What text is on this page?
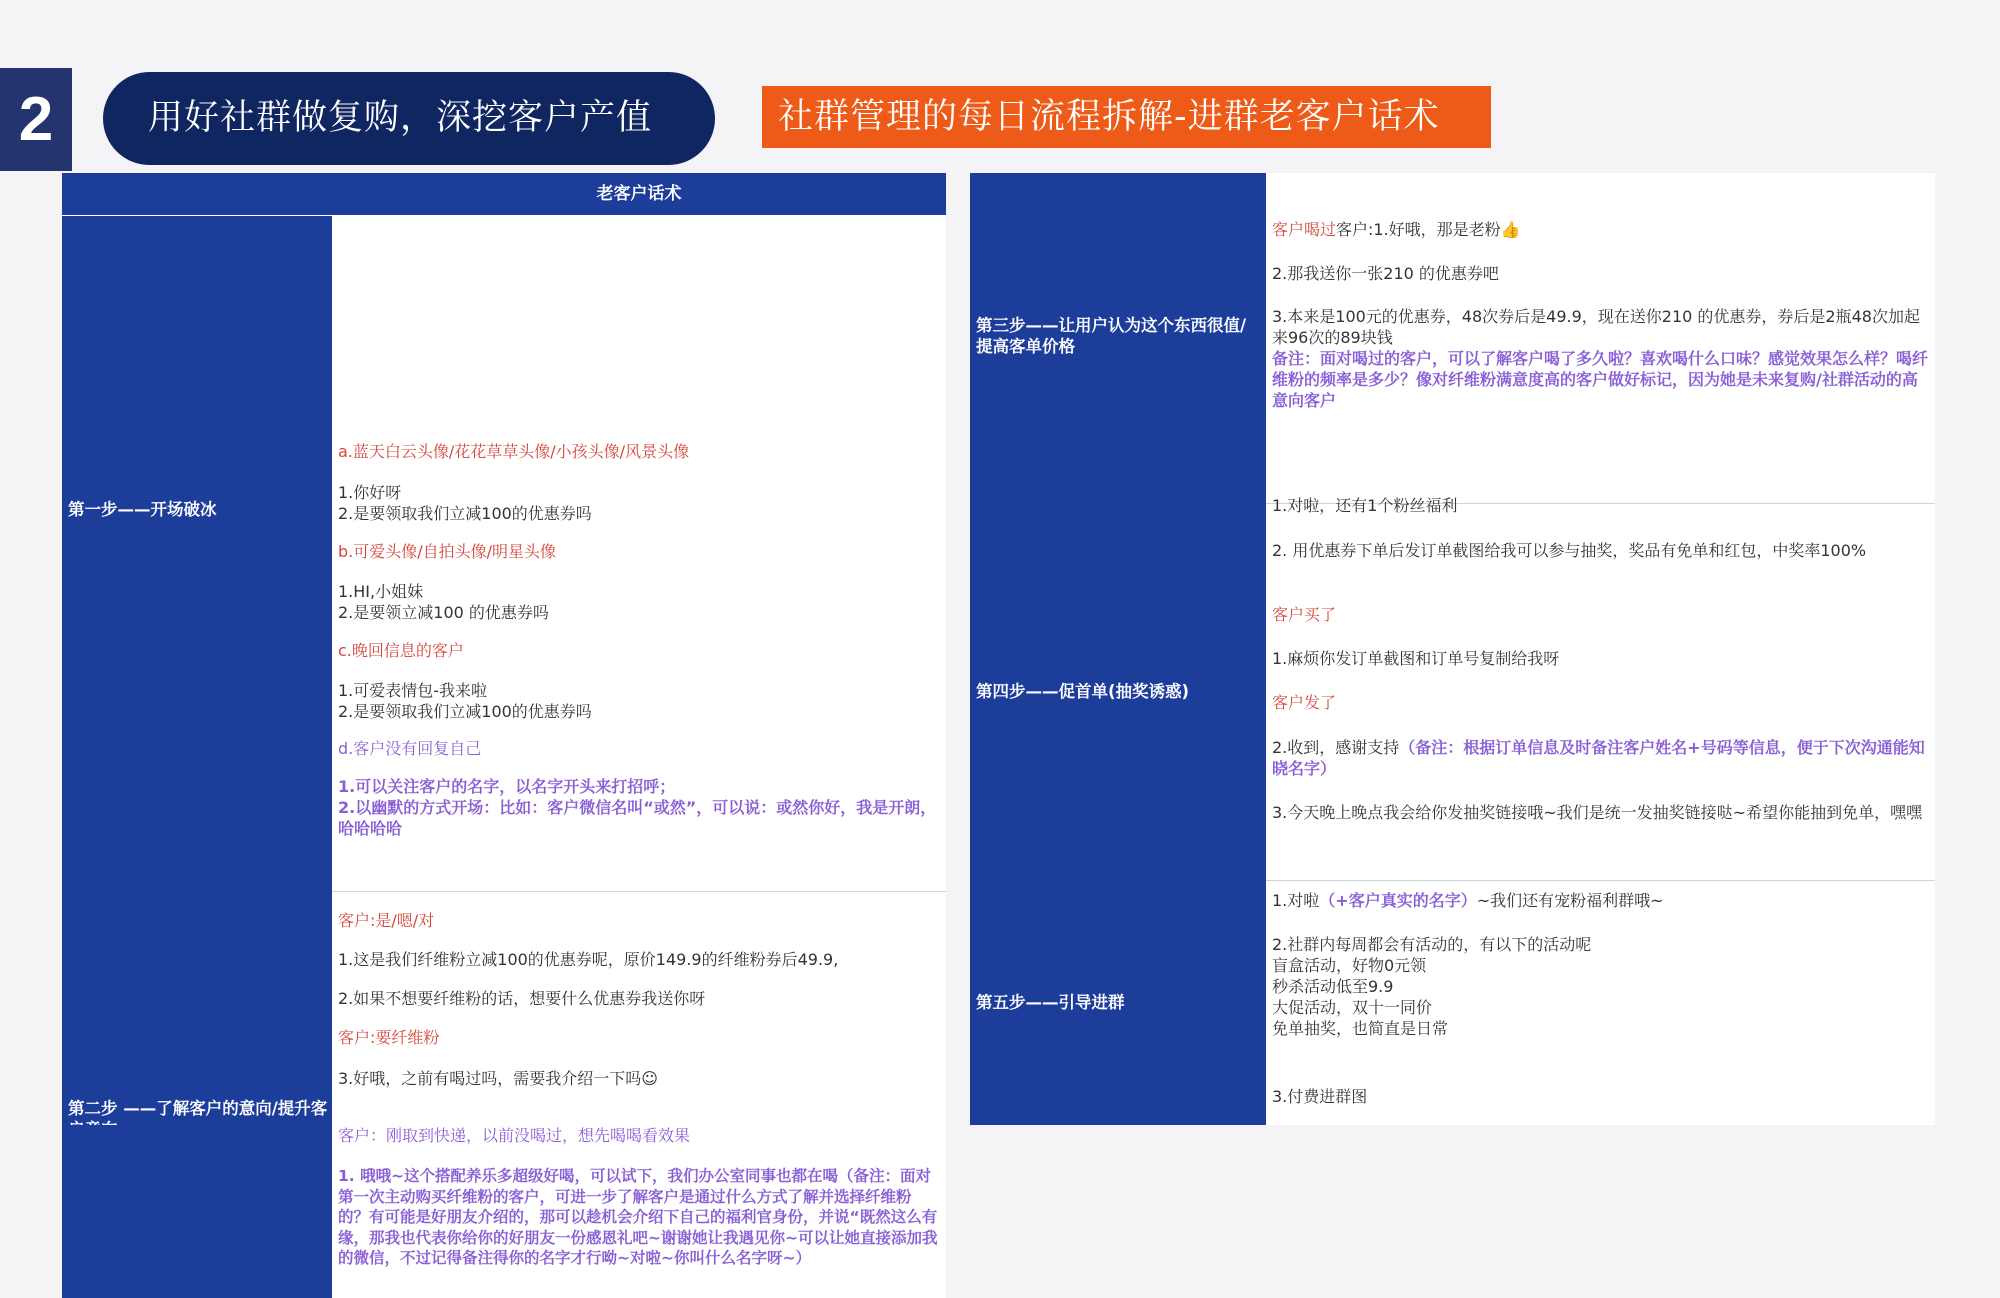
2	用好社群做复购，深挖客户产值	社群管理的每日流程拆解-进群老客户话术
老客户话术
第一步——开场破冰
a.蓝天白云头像/花花草草头像/小孩头像/风景头像
1.你好呀
2.是要领取我们立减100的优惠券吗
b.可爱头像/自拍头像/明星头像
1.HI,小姐妹
2.是要领立减100 的优惠券吗
c.晚回信息的客户
1.可爱表情包-我来啦
2.是要领取我们立减100的优惠券吗
d.客户没有回复自己
1.可以关注客户的名字，以名字开头来打招呼；
2.以幽默的方式开场：比如：客户微信名叫“或然”，可以说：或然你好，我是开朗，哈哈哈哈
第二步 ——了解客户的意向/提升客
客户:是/嗯/对
1.这是我们纤维粉立减100的优惠券呢，原价149.9的纤维粉券后49.9,
2.如果不想要纤维粉的话，想要什么优惠券我送你呀
客户:要纤维粉
3.好哦，之前有喝过吗，需要我介绍一下吗☺
客户：刚取到快递，以前没喝过，想先喝喝看效果
1. 哦哦~这个搭配养乐多超级好喝，可以试下，我们办公室同事也都在喝（备注：面对第一次主动购买纤维粉的客户，可进一步了解客户是通过什么方式了解并选择纤维粉的？有可能是好朋友介绍的，那可以趁机会介绍下自己的福利官身份，并说“既然这么有缘，那我也代表你给你的好朋友一份感恩礼吧~谢谢她让我遇见你~可以让她直接添加我的微信，不过记得备注得你的名字才行呦~对啦~你叫什么名字呀~）
第三步——让用户认为这个东西很值/提高客单价格
客户喝过客户:1.好哦，那是老粉👍
2.那我送你一张210 的优惠券吧
3.本来是100元的优惠券，48次券后是49.9，现在送你210 的优惠券，券后是2瓶48次加起来96次的89块钱
备注：面对喝过的客户，可以了解客户喝了多久啦？喜欢喝什么口味？感觉效果怎么样？喝纤维粉的频率是多少？像对纤维粉满意度高的客户做好标记，因为她是未来复购/社群活动的高意向客户
第四步——促首单(抽奖诱惑)
1.对啦，还有1个粉丝福利
2. 用优惠券下单后发订单截图给我可以参与抽奖，奖品有免单和红包，中奖率100%
客户买了
1.麻烦你发订单截图和订单号复制给我呀
客户发了
2.收到，感谢支持（备注：根据订单信息及时备注客户姓名+号码等信息，便于下次沟通能知晓名字）
3.今天晚上晚点我会给你发抽奖链接哦~我们是统一发抽奖链接哒~希望你能抽到免单，嘿嘿
1.对啦（+客户真实的名字）~我们还有宠粉福利群哦~
2.社群内每周都会有活动的，有以下的活动呢
盲盒活动，好物0元领
秒杀活动低至9.9
大促活动，双十一同价
免单抽奖，也简直是日常
3.付费进群图
第五步——引导进群
